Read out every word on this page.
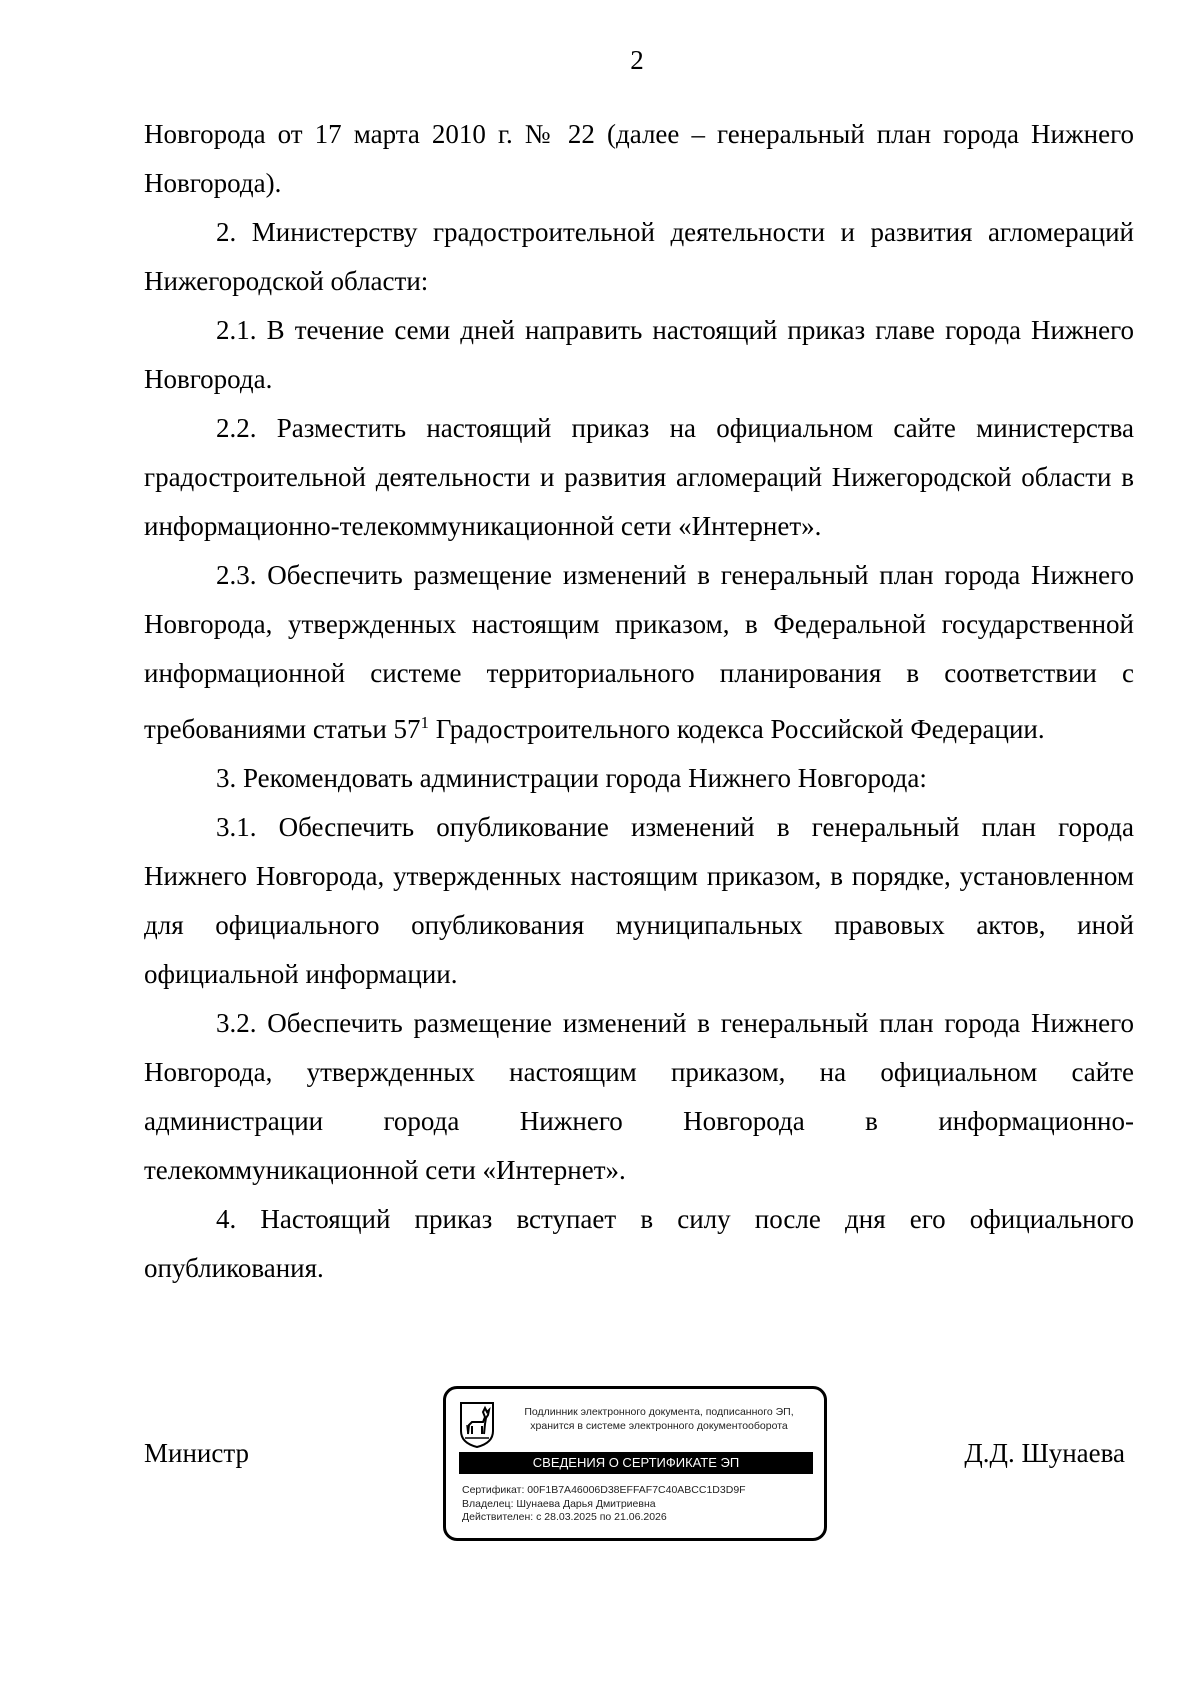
2

Новгорода от 17 марта 2010 г. № 22 (далее – генеральный план города Нижнего Новгорода).

2. Министерству градостроительной деятельности и развития агломераций Нижегородской области:

2.1. В течение семи дней направить настоящий приказ главе города Нижнего Новгорода.

2.2. Разместить настоящий приказ на официальном сайте министерства градостроительной деятельности и развития агломераций Нижегородской области в информационно-телекоммуникационной сети «Интернет».

2.3. Обеспечить размещение изменений в генеральный план города Нижнего Новгорода, утвержденных настоящим приказом, в Федеральной государственной информационной системе территориального планирования в соответствии с требованиями статьи $57^1$ Градостроительного кодекса Российской Федерации.

3. Рекомендовать администрации города Нижнего Новгорода:

3.1. Обеспечить опубликование изменений в генеральный план города Нижнего Новгорода, утвержденных настоящим приказом, в порядке, установленном для официального опубликования муниципальных правовых актов, иной официальной информации.

3.2. Обеспечить размещение изменений в генеральный план города Нижнего Новгорода, утвержденных настоящим приказом, на официальном сайте администрации города Нижнего Новгорода в информационно-

телекоммуникационной сети «Интернет».

4. Настоящий приказ вступает в силу после дня его официального опубликования.

Министр	Д.Д. Шунаева
Подлинник электронного документа, подписанного ЭП,
хранится в системе электронного документооборота
СВЕДЕНИЯ О СЕРТИФИКАТЕ ЭП
Сертификат: 00F1B7A46006D38EFFAF7C40ABCC1D3D9F
Владелец: Шунаева Дарья Дмитриевна
Действителен: с 28.03.2025 по 21.06.2026
